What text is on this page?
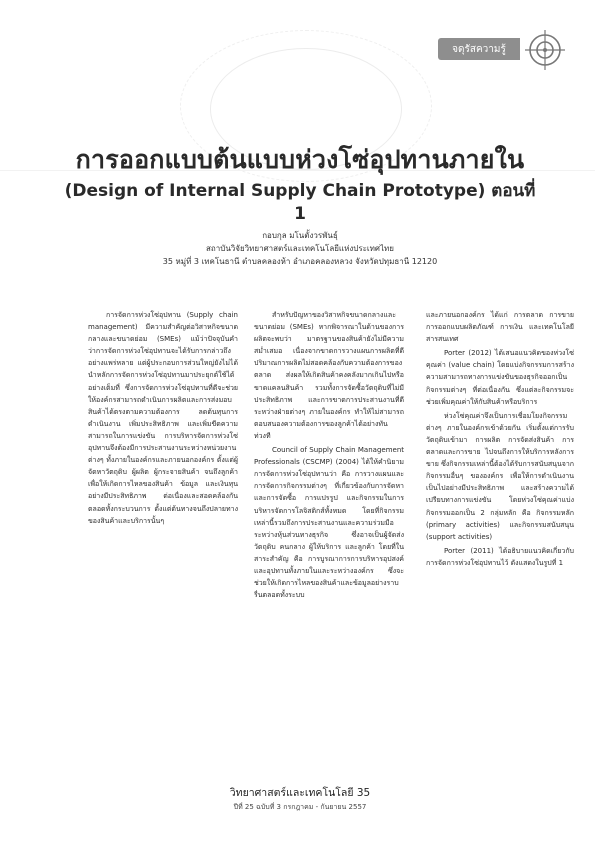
จดุรัสความรู้
การออกแบบต้นแบบห่วงโซ่อุปทานภายใน
(Design of Internal Supply Chain Prototype) ตอนที่ 1
กอบกุล มโนตั้งวรพันธุ์
สถาบันวิจัยวิทยาศาสตร์และเทคโนโลยีแห่งประเทศไทย
35 หมู่ที่ 3 เทคโนธานี ตำบลคลองห้า อำเภอคลองหลวง จังหวัดปทุมธานี 12120

การจัดการห่วงโซ่อุปทาน (Supply chain management) มีความสำคัญต่อวิสาหกิจขนาดกลางและขนาดย่อม (SMEs) แม้ว่าปัจจุบันคำว่าการจัดการห่วงโซ่อุปทานจะได้รับการกล่าวถึงอย่างแพร่หลาย แต่ผู้ประกอบการส่วนใหญ่ยังไม่ได้นำหลักการจัดการห่วงโซ่อุปทานมาประยุกต์ใช้ได้อย่างเต็มที่ ซึ่งการจัดการห่วงโซ่อุปทานที่ดีจะช่วยให้องค์กรสามารถดำเนินการผลิตและการส่งมอบสินค้าได้ตรงตามความต้องการ ลดต้นทุนการดำเนินงาน เพิ่มประสิทธิภาพ และเพิ่มขีดความสามารถในการแข่งขัน การบริหารจัดการห่วงโซ่อุปทานจึงต้องมีการประสานงานระหว่างหน่วยงานต่างๆ ทั้งภายในองค์กรและภายนอกองค์กร ตั้งแต่ผู้จัดหาวัตถุดิบ ผู้ผลิต ผู้กระจายสินค้า จนถึงลูกค้า เพื่อให้เกิดการไหลของสินค้า ข้อมูล และเงินทุนอย่างมีประสิทธิภาพ ต่อเนื่องและสอดคล้องกันตลอดทั้งกระบวนการ ตั้งแต่ต้นทางจนถึงปลายทางของสินค้าและบริการนั้นๆ

สำหรับปัญหาของวิสาหกิจขนาดกลางและขนาดย่อม (SMEs) หากพิจารณาในด้านของการผลิตจะพบว่า มาตรฐานของสินค้ายังไม่มีความสม่ำเสมอ เนื่องจากขาดการวางแผนการผลิตที่ดี ปริมาณการผลิตไม่สอดคล้องกับความต้องการของตลาด ส่งผลให้เกิดสินค้าคงคลังมากเกินไปหรือขาดแคลนสินค้า รวมทั้งการจัดซื้อวัตถุดิบที่ไม่มีประสิทธิภาพ และการขาดการประสานงานที่ดีระหว่างฝ่ายต่างๆ ภายในองค์กร ทำให้ไม่สามารถตอบสนองความต้องการของลูกค้าได้อย่างทันท่วงที

Council of Supply Chain Management Professionals (CSCMP) (2004) ได้ให้คำนิยาม การจัดการห่วงโซ่อุปทานว่า คือ การวางแผนและการจัดการกิจกรรมต่างๆ ที่เกี่ยวข้องกับการจัดหาและการจัดซื้อ การแปรรูป และกิจกรรมในการบริหารจัดการโลจิสติกส์ทั้งหมด โดยที่กิจกรรมเหล่านี้รวมถึงการประสานงานและความร่วมมือระหว่างหุ้นส่วนทางธุรกิจ ซึ่งอาจเป็นผู้จัดส่งวัตถุดิบ คนกลาง ผู้ให้บริการ และลูกค้า โดยที่ในสาระสำคัญ คือ การบูรณาการการบริหารอุปสงค์และอุปทานทั้งภายในและระหว่างองค์กร ซึ่งจะช่วยให้เกิดการไหลของสินค้าและข้อมูลอย่างราบรื่นตลอดทั้งระบบ

และภายนอกองค์กร ได้แก่ การตลาด การขาย การออกแบบผลิตภัณฑ์ การเงิน และเทคโนโลยีสารสนเทศ

Porter (2012) ได้เสนอแนวคิดของห่วงโซ่คุณค่า (value chain) โดยแบ่งกิจกรรมการสร้างความสามารถทางการแข่งขันของธุรกิจออกเป็นกิจกรรมต่างๆ ที่ต่อเนื่องกัน ซึ่งแต่ละกิจกรรมจะช่วยเพิ่มคุณค่าให้กับสินค้าหรือบริการ

ห่วงโซ่คุณค่าจึงเป็นการเชื่อมโยงกิจกรรมต่างๆ ภายในองค์กรเข้าด้วยกัน เริ่มตั้งแต่การรับวัตถุดิบเข้ามา การผลิต การจัดส่งสินค้า การตลาดและการขาย ไปจนถึงการให้บริการหลังการขาย ซึ่งกิจกรรมเหล่านี้ต้องได้รับการสนับสนุนจากกิจกรรมอื่นๆ ขององค์กร เพื่อให้การดำเนินงานเป็นไปอย่างมีประสิทธิภาพ และสร้างความได้เปรียบทางการแข่งขัน โดยห่วงโซ่คุณค่าแบ่งกิจกรรมออกเป็น 2 กลุ่มหลัก คือ กิจกรรมหลัก (primary activities) และกิจกรรมสนับสนุน (support activities)

Porter (2011) ได้อธิบายแนวคิดเกี่ยวกับการจัดการห่วงโซ่อุปทานไว้ ดังแสดงในรูปที่ 1

วิทยาศาสตร์และเทคโนโลยี 35
ปีที่ 25 ฉบับที่ 3 กรกฎาคม - กันยายน 2557
